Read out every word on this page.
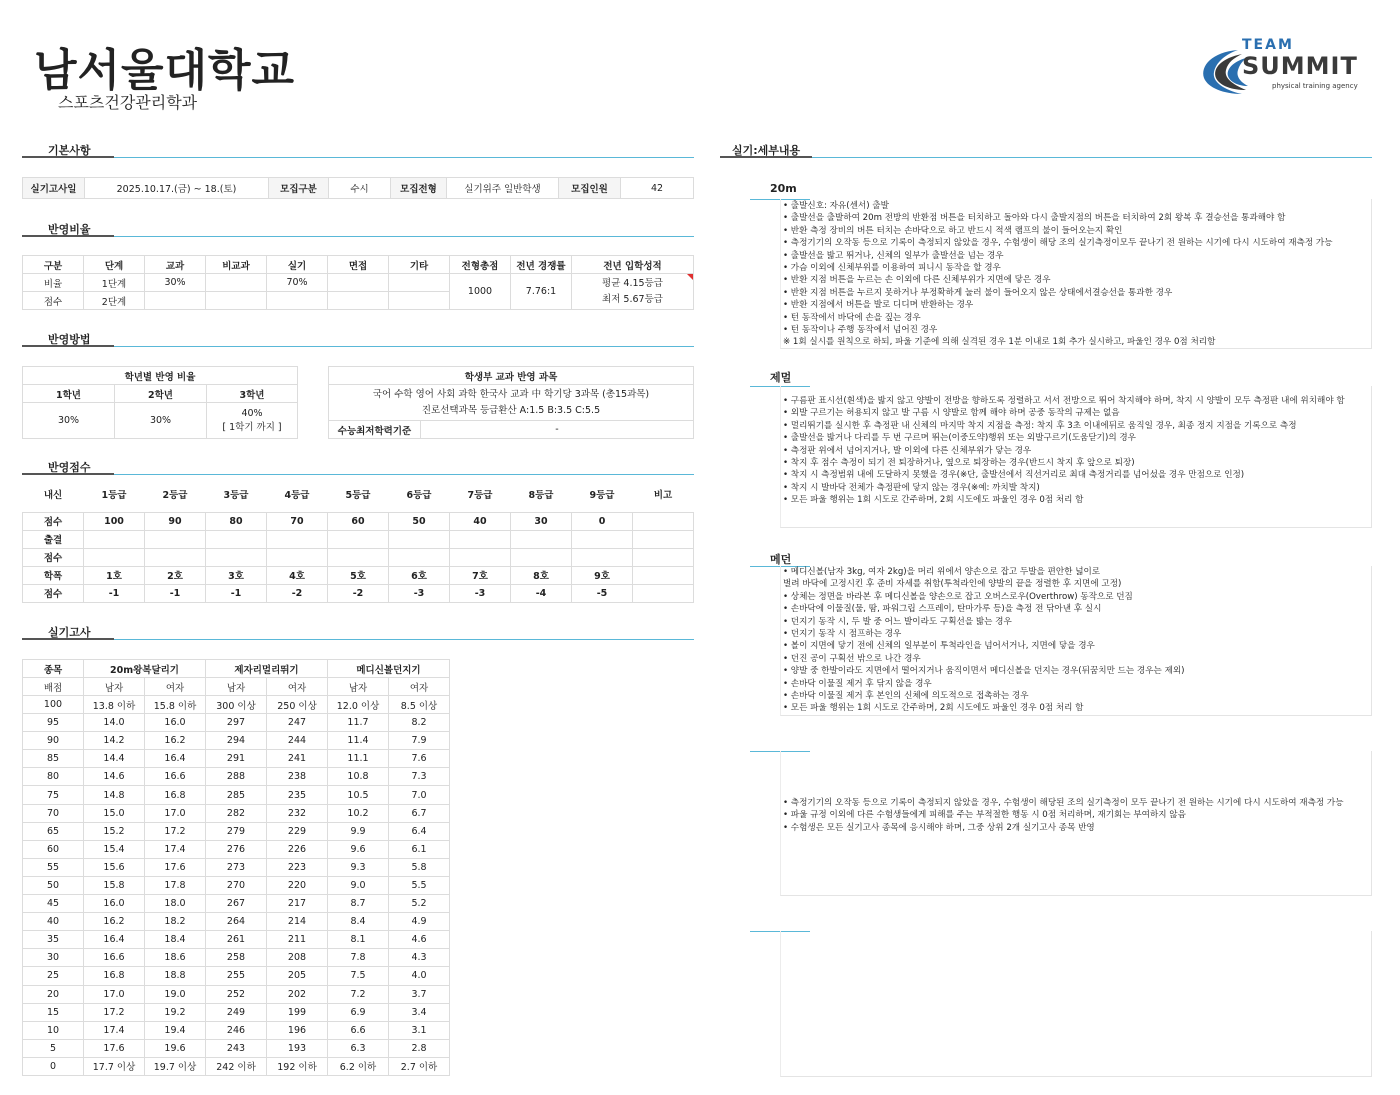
남서울대학교
스포츠건강관리학과
TEAM
SUMMIT
physical training agency
기본사항
실기고사일	2025.10.17.(금) ~ 18.(토)	모집구분	수시	모집전형	실기위주 일반학생	모집인원	42
반영비율
구분	단계	교과	비교과	실기	면접	기타	전형총점	전년 경쟁률	전년 입학성적
비율	1단계	30%		70%			1000	7.76:1	평균 4.15등급
최저 5.67등급

점수	2단계								
반영방법
학년별 반영 비율		
1학년	2학년	3학년
30%	30%	40%
[ 1학기 까지 ]
학생부 교과 반영 과목

국어 수학 영어 사회 과학 한국사 교과 中 학기당 3과목 (총15과목)
진로선택과목 등급환산 A:1.5 B:3.5 C:5.5

수능최저학력기준	-
반영점수
내신	1등급	2등급	3등급	4등급	5등급	6등급	7등급	8등급	9등급	비고

점수	100	90	80	70	60	50	40	30	0	
출결										
점수										
학폭	1호	2호	3호	4호	5호	6호	7호	8호	9호	
점수	-1	-1	-1	-2	-2	-3	-3	-4	-5	
실기고사
종목	20m왕복달리기		제자리멀리뛰기		메디신볼던지기		
배점	남자	여자	남자	여자	남자	여자	
100	13.8 이하	15.8 이하	300 이상	250 이상	12.0 이상	8.5 이상	
95	14.0	16.0	297	247	11.7	8.2	
90	14.2	16.2	294	244	11.4	7.9	
85	14.4	16.4	291	241	11.1	7.6	
80	14.6	16.6	288	238	10.8	7.3	
75	14.8	16.8	285	235	10.5	7.0	
70	15.0	17.0	282	232	10.2	6.7	
65	15.2	17.2	279	229	9.9	6.4	
60	15.4	17.4	276	226	9.6	6.1	
55	15.6	17.6	273	223	9.3	5.8	
50	15.8	17.8	270	220	9.0	5.5	
45	16.0	18.0	267	217	8.7	5.2	
40	16.2	18.2	264	214	8.4	4.9	
35	16.4	18.4	261	211	8.1	4.6	
30	16.6	18.6	258	208	7.8	4.3	
25	16.8	18.8	255	205	7.5	4.0	
20	17.0	19.0	252	202	7.2	3.7	
15	17.2	19.2	249	199	6.9	3.4	
10	17.4	19.4	246	196	6.6	3.1	
5	17.6	19.6	243	193	6.3	2.8	
0	17.7 이상	19.7 이상	242 이하	192 이하	6.2 이하	2.7 이하	
실기:세부내용
20m
• 출발신호: 자유(센서) 출발
• 출발선을 출발하여 20m 전방의 반환점 버튼을 터치하고 돌아와 다시 출발지점의 버튼을 터치하여 2회 왕복 후 결승선을 통과해야 함
• 반환 측정 장비의 버튼 터치는 손바닥으로 하고 반드시 적색 램프의 불이 들어오는지 확인
• 측정기기의 오작동 등으로 기록이 측정되지 않았을 경우, 수험생이 해당 조의 실기측정이모두 끝나기 전 원하는 시기에 다시 시도하여 재측정 가능
• 출발선을 밟고 뛰거나, 신체의 일부가 출발선을 넘는 경우
• 가슴 이외에 신체부위를 이용하여 피니시 동작을 할 경우
• 반환 지점 버튼을 누르는 손 이외에 다른 신체부위가 지면에 닿은 경우
• 반환 지점 버튼을 누르지 못하거나 부정확하게 눌러 불이 들어오지 않은 상태에서결승선을 통과한 경우
• 반환 지점에서 버튼을 발로 디디며 반환하는 경우
• 턴 동작에서 바닥에 손을 짚는 경우
• 턴 동작이나 주행 동작에서 넘어진 경우
※ 1회 실시를 원칙으로 하되, 파울 기준에 의해 실격된 경우 1분 이내로 1회 추가 실시하고, 파울인 경우 0점 처리함
제멀
• 구름판 표시선(흰색)을 밟지 않고 양발이 전방을 향하도록 정렬하고 서서 전방으로 뛰어 착지해야 하며, 착지 시 양발이 모두 측정판 내에 위치해야 함
• 외발 구르기는 허용되지 않고 발 구름 시 양발로 함께 해야 하며 공중 동작의 규제는 없음
• 멀리뛰기를 실시한 후 측정판 내 신체의 마지막 착지 지점을 측정: 착지 후 3초 이내에뒤로 움직일 경우, 최종 정지 지점을 기록으로 측정
• 출발선을 밟거나 다리를 두 번 구르며 뛰는(이중도약)행위 또는 외발구르기(도움닫기)의 경우
• 측정판 위에서 넘어지거나, 발 이외에 다른 신체부위가 닿는 경우
• 착지 후 점수 측정이 되기 전 퇴장하거나, 옆으로 퇴장하는 경우(반드시 착지 후 앞으로 퇴장)
• 착지 시 측정범위 내에 도달하지 못했을 경우(※단, 출발선에서 직선거리로 최대 측정거리를 넘어섰을 경우 만점으로 인정)
• 착지 시 발바닥 전체가 측정판에 닿지 않는 경우(※예: 까치발 착지)
• 모든 파울 행위는 1회 시도로 간주하며, 2회 시도에도 파울인 경우 0점 처리 함
메던
• 메디신볼(남자 3kg, 여자 2kg)을 머리 위에서 양손으로 잡고 두발을 편안한 넓이로
벌려 바닥에 고정시킨 후 준비 자세를 취함(투척라인에 양발의 끝을 정렬한 후 지면에 고정)
• 상체는 정면을 바라본 후 메디신볼을 양손으로 잡고 오버스로우(Overthrow) 동작으로 던짐
• 손바닥에 이물질(물, 땀, 파워그립 스프레이, 탄마가루 등)을 측정 전 닦아낸 후 실시
• 던지기 동작 시, 두 발 중 어느 발이라도 구획선을 밟는 경우
• 던지기 동작 시 점프하는 경우
• 볼이 지면에 닿기 전에 신체의 일부분이 투척라인을 넘어서거나, 지면에 닿을 경우
• 던진 공이 구획선 밖으로 나간 경우
• 양발 중 한발이라도 지면에서 떨어지거나 움직이면서 메디신볼을 던지는 경우(뒤꿈치만 드는 경우는 제외)
• 손바닥 이물질 제거 후 닦지 않을 경우
• 손바닥 이물질 제거 후 본인의 신체에 의도적으로 접촉하는 경우
• 모든 파울 행위는 1회 시도로 간주하며, 2회 시도에도 파울인 경우 0점 처리 함
• 측정기기의 오작동 등으로 기록이 측정되지 않았을 경우, 수험생이 해당된 조의 실기측정이 모두 끝나기 전 원하는 시기에 다시 시도하여 재측정 가능
• 파울 규정 이외에 다른 수험생들에게 피해를 주는 부적절한 행동 시 0점 처리하며, 재기회는 부여하지 않음
• 수험생은 모든 실기고사 종목에 응시해야 하며, 그중 상위 2개 실기고사 종목 반영
